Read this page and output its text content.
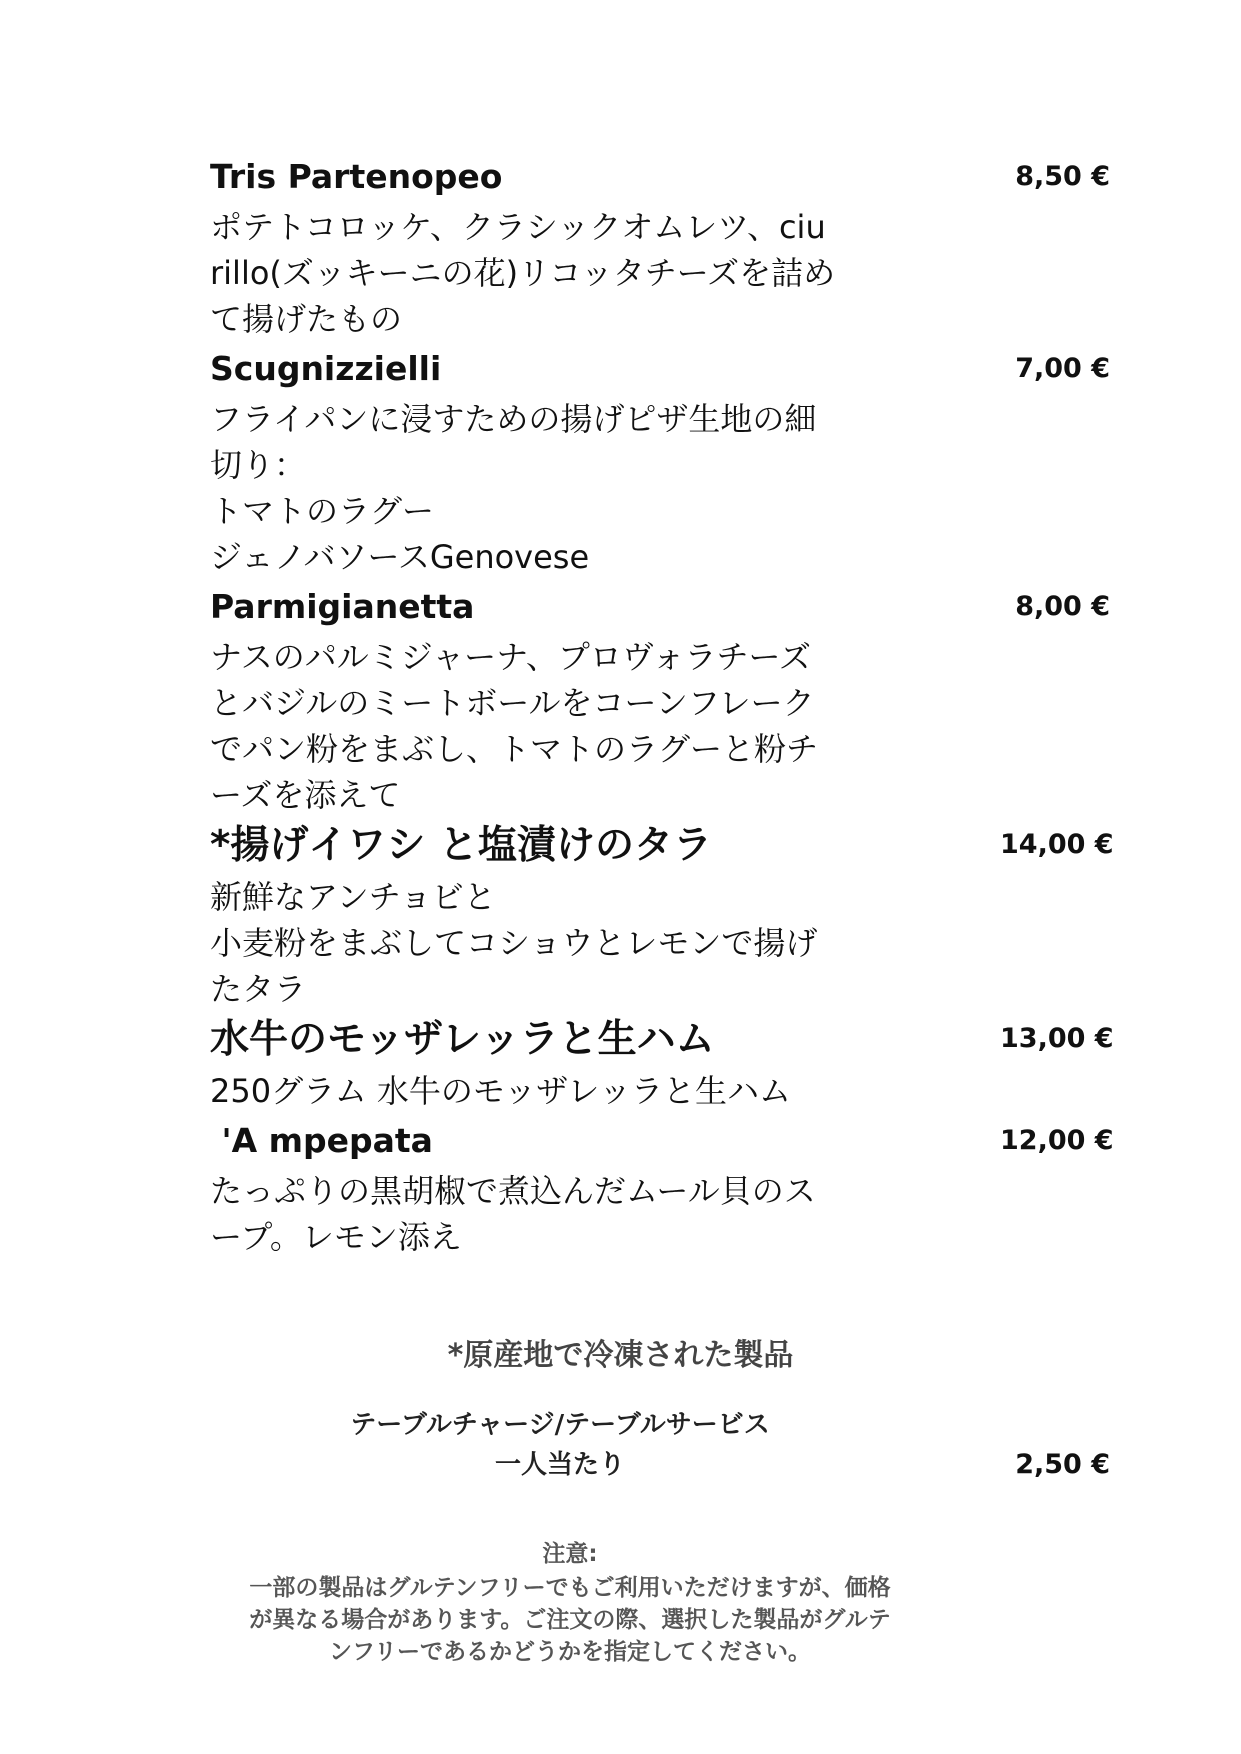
Tris Partenopeo	8,50 €
ポテトコロッケ、クラシックオムレツ、ciu
rillo(ズッキーニの花)リコッタチーズを詰め
て揚げたもの
Scugnizzielli	7,00 €
フライパンに浸すための揚げピザ生地の細
切り：
トマトのラグー
ジェノバソースGenovese
Parmigianetta	8,00 €
ナスのパルミジャーナ、プロヴォラチーズ
とバジルのミートボールをコーンフレーク
でパン粉をまぶし、トマトのラグーと粉チ
ーズを添えて
*揚げイワシ と塩漬けのタラ	14,00 €
新鮮なアンチョビと
小麦粉をまぶしてコショウとレモンで揚げ
たタラ
水牛のモッザレッラと生ハム	13,00 €
250グラム 水牛のモッザレッラと生ハム
'A mpepata	12,00 €
たっぷりの黒胡椒で煮込んだムール貝のス
ープ。レモン添え
*原産地で冷凍された製品
テーブルチャージ/テーブルサービス
一人当たり	2,50 €
注意:
一部の製品はグルテンフリーでもご利用いただけますが、価格
が異なる場合があります。ご注文の際、選択した製品がグルテ
ンフリーであるかどうかを指定してください。
